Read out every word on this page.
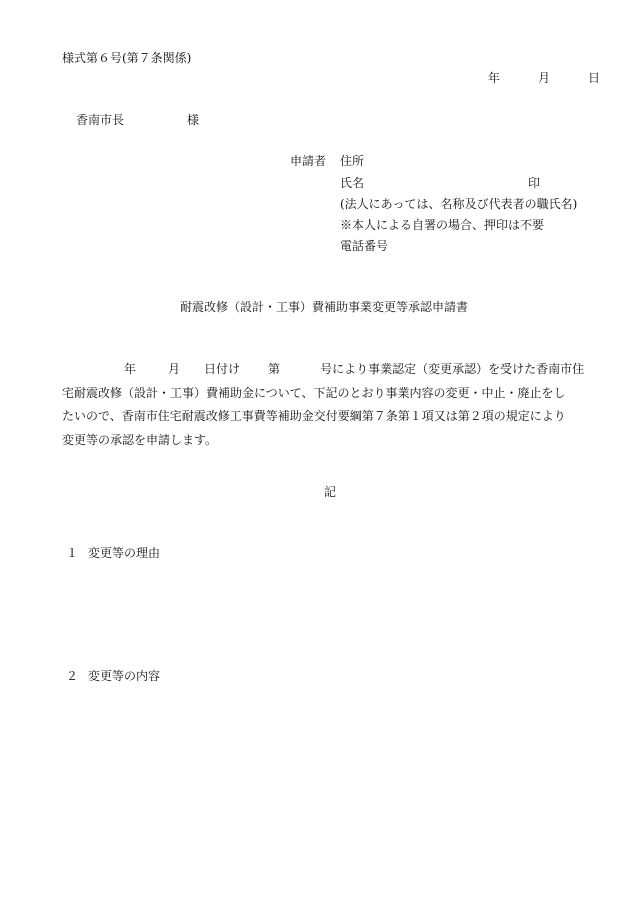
様式第６号(第７条関係)
年	月	日
香南市長	様
申請者 住所
氏名	印
(法人にあっては、名称及び代表者の職氏名)
※本人による自署の場合、押印は不要
電話番号
耐震改修（設計・工事）費補助事業変更等承認申請書
年	月 日付け 第	号により事業認定（変更承認）を受けた香南市住
宅耐震改修（設計・工事）費補助金について、下記のとおり事業内容の変更・中止・廃止をし
たいので、香南市住宅耐震改修工事費等補助金交付要綱第７条第１項又は第２項の規定により
変更等の承認を申請します。
記
１ 変更等の理由
２ 変更等の内容
